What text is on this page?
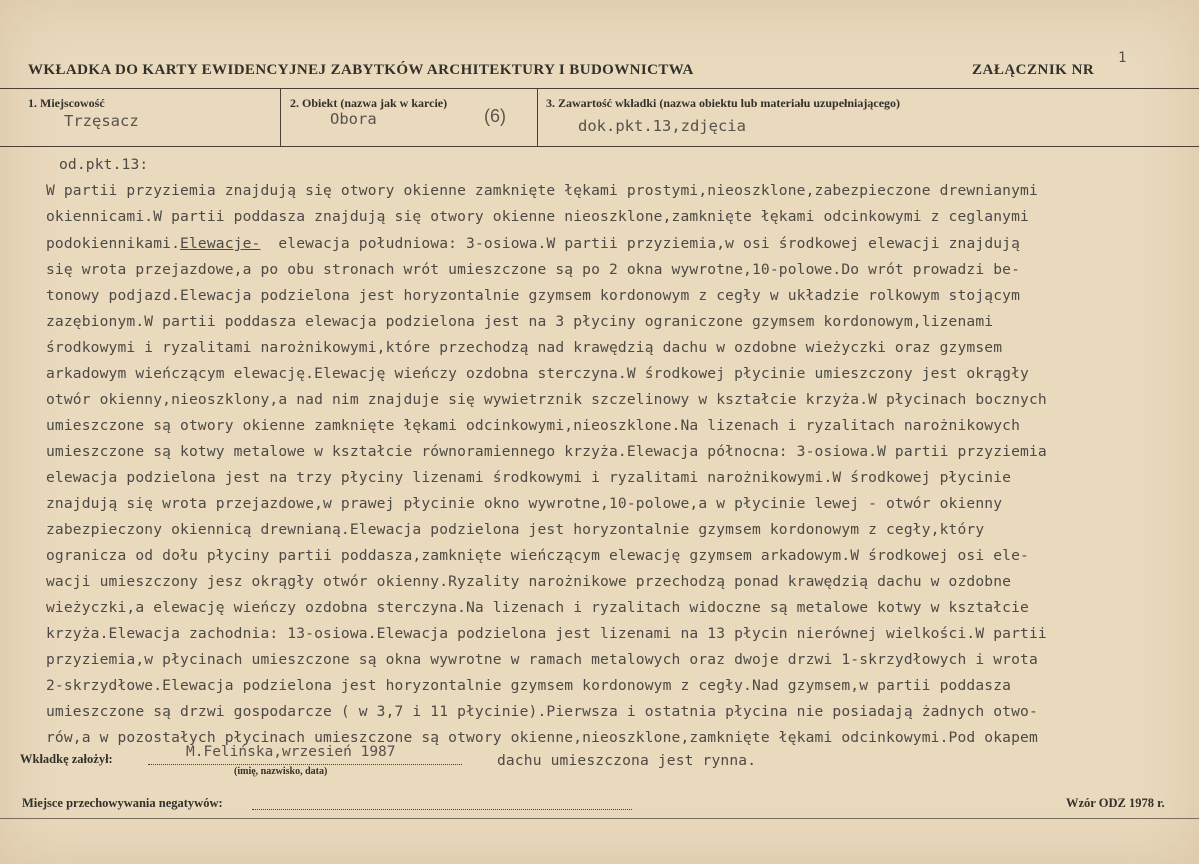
WKŁADKA DO KARTY EWIDENCYJNEJ ZABYTKÓW ARCHITEKTURY I BUDOWNICTWA	ZAŁĄCZNIK NR
1
1. Miejscowość
Trzęsacz
2. Obiekt (nazwa jak w karcie)
Obora	(6)
3. Zawartość wkładki (nazwa obiektu lub materiału uzupełniającego)
dok.pkt.13,zdjęcia
od.pkt.13:
W partii przyziemia znajdują się otwory okienne zamknięte łękami prostymi,nieoszklone,zabezpieczone drewnianymi
okiennicami.W partii poddasza znajdują się otwory okienne nieoszklone,zamknięte łękami odcinkowymi z ceglanymi
podokiennikami.Elewacje-  elewacja południowa: 3-osiowa.W partii przyziemia,w osi środkowej elewacji znajdują
się wrota przejazdowe,a po obu stronach wrót umieszczone są po 2 okna wywrotne,10-polowe.Do wrót prowadzi be-
tonowy podjazd.Elewacja podzielona jest horyzontalnie gzymsem kordonowym z cegły w układzie rolkowym stojącym
zazębionym.W partii poddasza elewacja podzielona jest na 3 płyciny ograniczone gzymsem kordonowym,lizenami
środkowymi i ryzalitami narożnikowymi,które przechodzą nad krawędzią dachu w ozdobne wieżyczki oraz gzymsem
arkadowym wieńczącym elewację.Elewację wieńczy ozdobna sterczyna.W środkowej płycinie umieszczony jest okrągły
otwór okienny,nieoszklony,a nad nim znajduje się wywietrznik szczelinowy w kształcie krzyża.W płycinach bocznych
umieszczone są otwory okienne zamknięte łękami odcinkowymi,nieoszklone.Na lizenach i ryzalitach narożnikowych
umieszczone są kotwy metalowe w kształcie równoramiennego krzyża.Elewacja północna: 3-osiowa.W partii przyziemia
elewacja podzielona jest na trzy płyciny lizenami środkowymi i ryzalitami narożnikowymi.W środkowej płycinie
znajdują się wrota przejazdowe,w prawej płycinie okno wywrotne,10-polowe,a w płycinie lewej - otwór okienny
zabezpieczony okiennicą drewnianą.Elewacja podzielona jest horyzontalnie gzymsem kordonowym z cegły,który
ogranicza od dołu płyciny partii poddasza,zamknięte wieńczącym elewację gzymsem arkadowym.W środkowej osi ele-
wacji umieszczony jesz okrągły otwór okienny.Ryzality narożnikowe przechodzą ponad krawędzią dachu w ozdobne
wieżyczki,a elewację wieńczy ozdobna sterczyna.Na lizenach i ryzalitach widoczne są metalowe kotwy w kształcie
krzyża.Elewacja zachodnia: 13-osiowa.Elewacja podzielona jest lizenami na 13 płycin nierównej wielkości.W partii
przyziemia,w płycinach umieszczone są okna wywrotne w ramach metalowych oraz dwoje drzwi 1-skrzydłowych i wrota
2-skrzydłowe.Elewacja podzielona jest horyzontalnie gzymsem kordonowym z cegły.Nad gzymsem,w partii poddasza
umieszczone są drzwi gospodarcze ( w 3,7 i 11 płycinie).Pierwsza i ostatnia płycina nie posiadają żadnych otwo-
rów,a w pozostałych płycinach umieszczone są otwory okienne,nieoszklone,zamknięte łękami odcinkowymi.Pod okapem
Wkładkę założył:	M.Felińska,wrzesień 1987
(imię, nazwisko, data)
dachu umieszczona jest rynna.
Miejsce przechowywania negatywów:	Wzór ODZ 1978 r.
